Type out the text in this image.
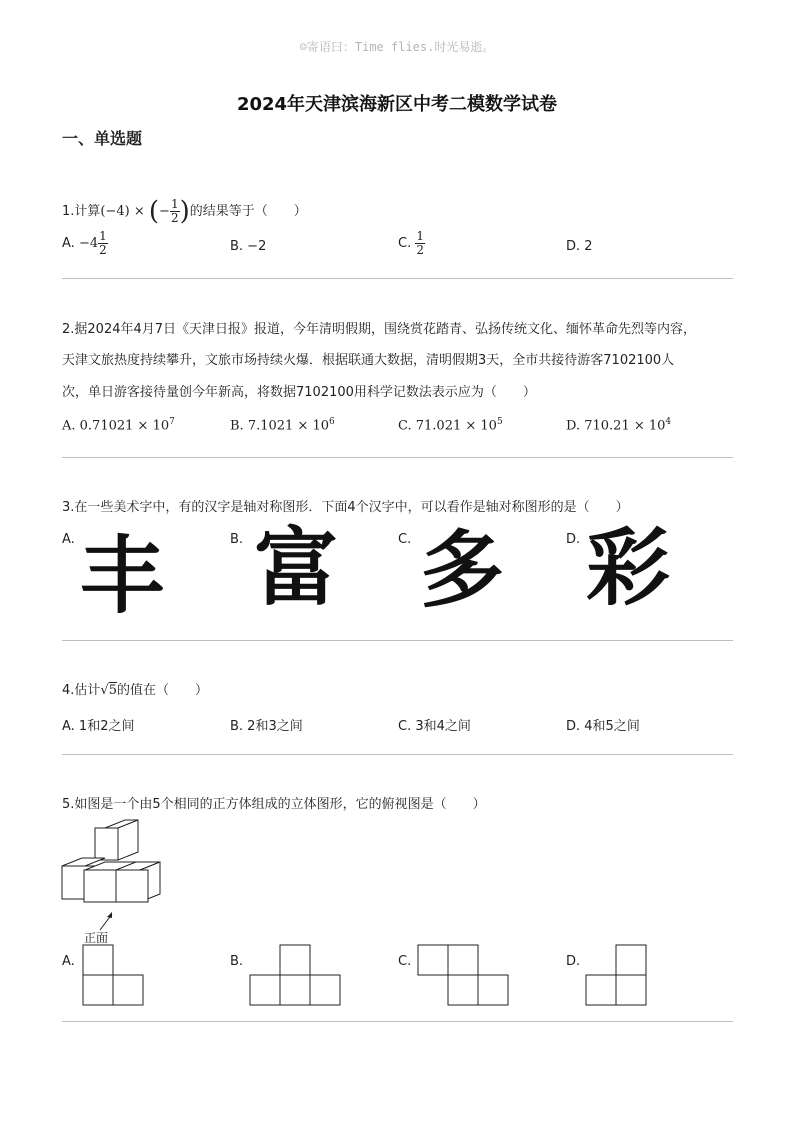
☺寄语曰：Time flies.时光易逝。
2024年天津滨海新区中考二模数学试卷
一、单选题
1.计算(−4) × (− $\frac{1}{2}$ )的结果等于（　　）
A. $-4 \frac{1}{2}$	B. −2	C. $\frac{1}{2}$	D. 2
2.据2024年4月7日《天津日报》报道，今年清明假期，围绕赏花踏青、弘扬传统文化、缅怀革命先烈等内容，
天津文旅热度持续攀升，文旅市场持续火爆．根据联通大数据，清明假期3天，全市共接待游客7102100人
次，单日游客接待量创今年新高，将数据7102100用科学记数法表示应为（　　）
A. $0.71021 \times 10^7$	B. $7.1021 \times 10^6$	C. $71.021 \times 10^5$	D. $710.21 \times 10^4$
3.在一些美术字中，有的汉字是轴对称图形．下面4个汉字中，可以看作是轴对称图形的是（　　）
A.	B.	C.	D.
丰 富 多 彩
4.估计√5的值在（　　）
A. 1和2之间	B. 2和3之间	C. 3和4之间	D. 4和5之间
5.如图是一个由5个相同的正方体组成的立体图形，它的俯视图是（　　）
正面
A.	B.	C.	D.
